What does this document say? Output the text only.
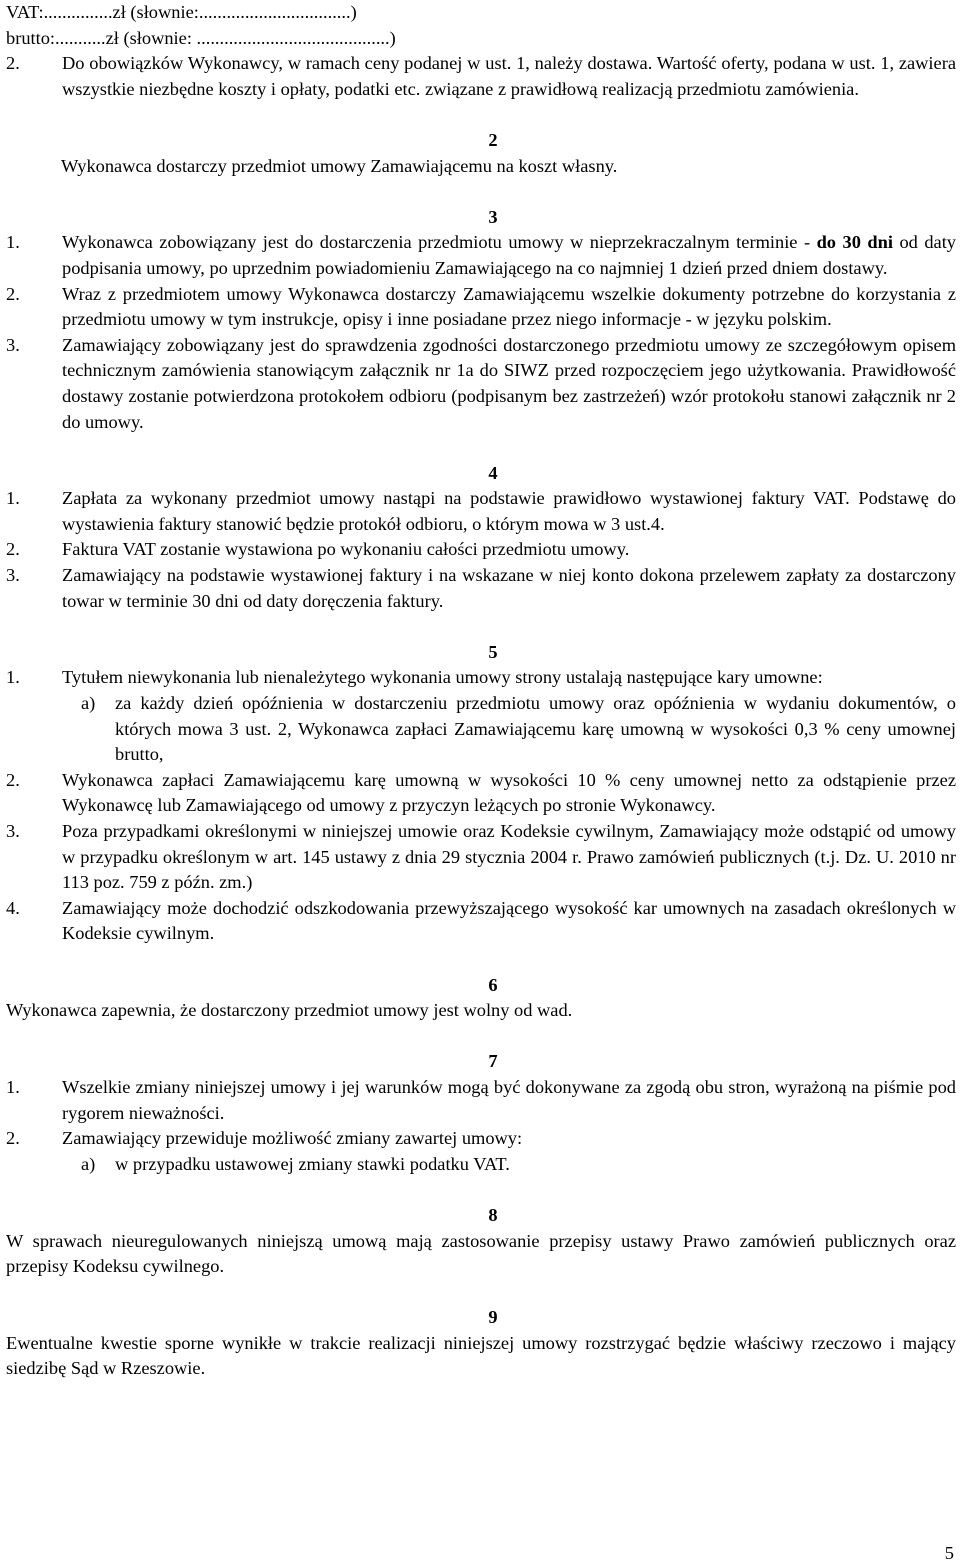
VAT:...............zł (słownie:.................................)

brutto:...........zł (słownie: ..........................................)

2.	Do obowiązków Wykonawcy, w ramach ceny podanej w ust. 1, należy dostawa. Wartość oferty, podana w ust. 1, zawiera wszystkie niezbędne koszty i opłaty, podatki etc. związane z prawidłową realizacją przedmiotu zamówienia.
2

Wykonawca dostarczy przedmiot umowy Zamawiającemu na koszt własny.

3
1.	Wykonawca zobowiązany jest do dostarczenia przedmiotu umowy w nieprzekraczalnym terminie - do 30 dni od daty podpisania umowy, po uprzednim powiadomieniu Zamawiającego na co najmniej 1 dzień przed dniem dostawy.
2.	Wraz z przedmiotem umowy Wykonawca dostarczy Zamawiającemu wszelkie dokumenty potrzebne do korzystania z przedmiotu umowy w tym instrukcje, opisy i inne posiadane przez niego informacje - w języku polskim.
3.	Zamawiający zobowiązany jest do sprawdzenia zgodności dostarczonego przedmiotu umowy ze szczegółowym opisem technicznym zamówienia stanowiącym załącznik nr 1a do SIWZ przed rozpoczęciem jego użytkowania. Prawidłowość dostawy zostanie potwierdzona protokołem odbioru (podpisanym bez zastrzeżeń) wzór protokołu stanowi załącznik nr 2 do umowy.
4
1.	Zapłata za wykonany przedmiot umowy nastąpi na podstawie prawidłowo wystawionej faktury VAT. Podstawę do wystawienia faktury stanowić będzie protokół odbioru, o którym mowa w 3 ust.4.
2.	Faktura VAT zostanie wystawiona po wykonaniu całości przedmiotu umowy.
3.	Zamawiający na podstawie wystawionej faktury i na wskazane w niej konto dokona przelewem zapłaty za dostarczony towar w terminie 30 dni od daty doręczenia faktury.
5
1.	Tytułem niewykonania lub nienależytego wykonania umowy strony ustalają następujące kary umowne:
a)	za każdy dzień opóźnienia w dostarczeniu przedmiotu umowy oraz opóźnienia w wydaniu dokumentów, o których mowa 3 ust. 2, Wykonawca zapłaci Zamawiającemu karę umowną w wysokości 0,3 % ceny umownej brutto,
2.	Wykonawca zapłaci Zamawiającemu karę umowną w wysokości 10 % ceny umownej netto za odstąpienie przez Wykonawcę lub Zamawiającego od umowy z przyczyn leżących po stronie Wykonawcy.
3.	Poza przypadkami określonymi w niniejszej umowie oraz Kodeksie cywilnym, Zamawiający może odstąpić od umowy w przypadku określonym w art. 145 ustawy z dnia 29 stycznia 2004 r. Prawo zamówień publicznych (t.j. Dz. U. 2010 nr 113 poz. 759 z późn. zm.)
4.	Zamawiający może dochodzić odszkodowania przewyższającego wysokość kar umownych na zasadach określonych w Kodeksie cywilnym.
6

Wykonawca zapewnia, że dostarczony przedmiot umowy jest wolny od wad.

7
1.	Wszelkie zmiany niniejszej umowy i jej warunków mogą być dokonywane za zgodą obu stron, wyrażoną na piśmie pod rygorem nieważności.
2.	Zamawiający przewiduje możliwość zmiany zawartej umowy:
a)	w przypadku ustawowej zmiany stawki podatku VAT.
8

W sprawach nieuregulowanych niniejszą umową mają zastosowanie przepisy ustawy Prawo zamówień publicznych oraz przepisy Kodeksu cywilnego.

9

Ewentualne kwestie sporne wynikłe w trakcie realizacji niniejszej umowy rozstrzygać będzie właściwy rzeczowo i mający siedzibę Sąd w Rzeszowie.

5
